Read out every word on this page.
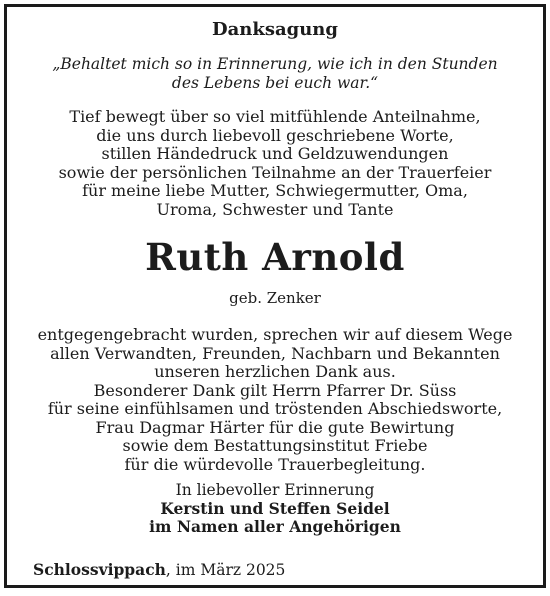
Danksagung
„Behaltet mich so in Erinnerung, wie ich in den Stunden
des Lebens bei euch war.“
Tief bewegt über so viel mitfühlende Anteilnahme,
die uns durch liebevoll geschriebene Worte,
stillen Händedruck und Geldzuwendungen
sowie der persönlichen Teilnahme an der Trauerfeier
für meine liebe Mutter, Schwiegermutter, Oma,
Uroma, Schwester und Tante
Ruth Arnold
geb. Zenker
entgegengebracht wurden, sprechen wir auf diesem Wege
allen Verwandten, Freunden, Nachbarn und Bekannten
unseren herzlichen Dank aus.
Besonderer Dank gilt Herrn Pfarrer Dr. Süss
für seine einfühlsamen und tröstenden Abschiedsworte,
Frau Dagmar Härter für die gute Bewirtung
sowie dem Bestattungsinstitut Friebe
für die würdevolle Trauerbegleitung.
In liebevoller Erinnerung
Kerstin und Steffen Seidel
im Namen aller Angehörigen
Schlossvippach, im März 2025
